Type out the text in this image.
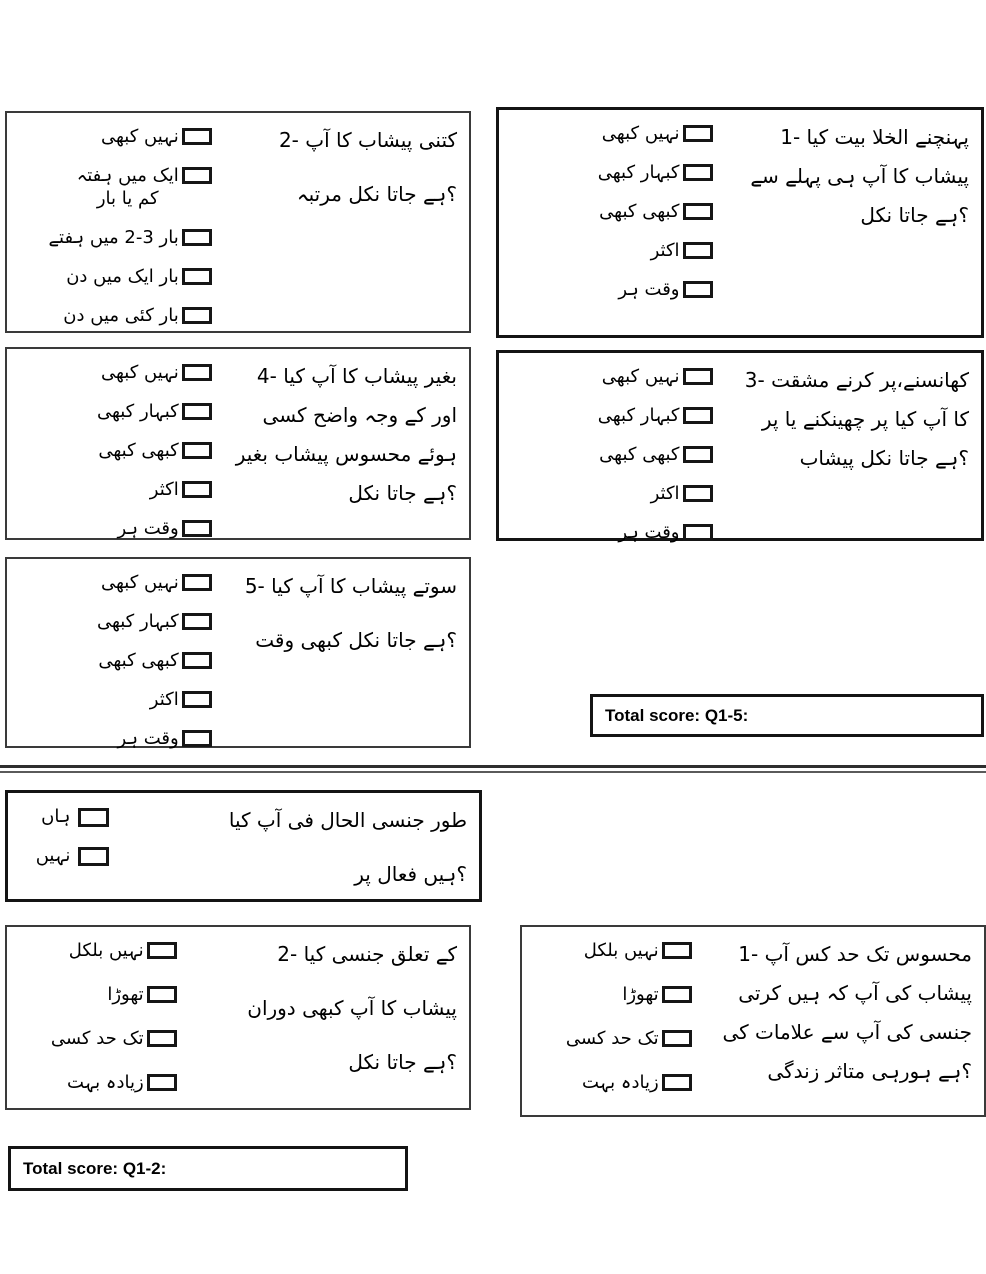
کبھی نہیں
ہفتہ میں ایک
بار یا کم
ہفتے میں 2-3 بار
دن میں ایک بار
دن میں کئی بار
2- آپ کا پیشاب کتنی
مرتبہ نکل جاتا ؟ہے
کبھی نہیں
کبھی کبہار
کبھی کبھی
اکثر
ہر وقت
1- کیا بیت الخلا پہنچنے
سے پہلے ہی آپ کا پیشاب
نکل جاتا ؟ہے
کبھی نہیں
کبھی کبہار
کبھی کبھی
اکثر
ہر وقت
4- کیا آپ کا پیشاب بغیر
کسی واضح وجہ کے اور
بغیر پیشاب محسوس ہوئے
نکل جاتا ؟ہے
کبھی نہیں
کبھی کبہار
کبھی کبھی
اکثر
ہر وقت
3- مشقت کرنے کھانسنے،پر
پر یا چھینکنے پر کیا آپ کا
پیشاب نکل جاتا ؟ہے
کبھی نہیں
کبھی کبہار
کبھی کبھی
اکثر
ہر وقت
5- کیا آپ کا پیشاب سوتے
وقت کبھی نکل جاتا ؟ہے
Total score: Q1-5:
ہاں
نہیں
کیا آپ فی الحال جنسی طور
پر فعال ؟ہیں
بلکل نہیں
تھوڑا
کسی حد تک
بہت زیادہ
2- کیا جنسی تعلق کے
دوران کبھی آپ کا پیشاب
نکل جاتا ؟ہے
بلکل نہیں
تھوڑا
کسی حد تک
بہت زیادہ
1- آپ کس حد تک محسوس
کرتی ہیں کہ آپ کی پیشاب
کی علامات سے آپ کی جنسی
زندگی متاثر ہورہی ؟ہے
Total score: Q1-2:
